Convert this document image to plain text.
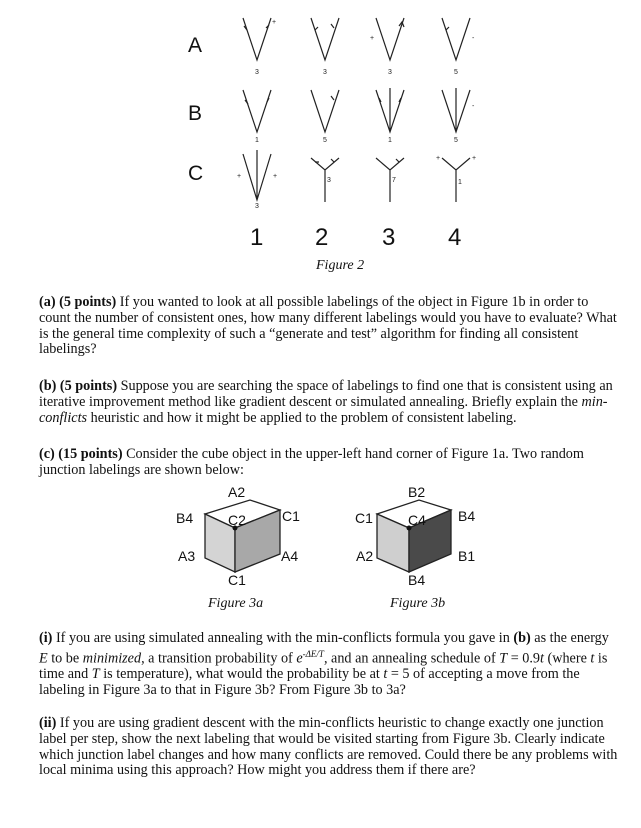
A
B
C
+
3	3
+
3
-
5
1	5	1
-
5
+	+
3
3	7
+	+
1
1 2 3 4
Figure 2
(a) (5 points) If you wanted to look at all possible labelings of the object in Figure 1b in order to count the number of consistent ones, how many different labelings would you have to evaluate? What is the general time complexity of such a “generate and test” algorithm for finding all consistent labelings?
(b) (5 points) Suppose you are searching the space of labelings to find one that is consistent using an iterative improvement method like gradient descent or simulated annealing. Briefly explain the min-conflicts heuristic and how it might be applied to the problem of consistent labeling.
(c) (15 points) Consider the cube object in the upper-left hand corner of Figure 1a. Two random junction labelings are shown below:
A2
B4 C2	C1
A3	A4
C1
Figure 3a
B2
C1	C4 B4
A2	B1
B4
Figure 3b
(i) If you are using simulated annealing with the min-conflicts formula you gave in (b) as the energy E to be minimized, a transition probability of $e^{-\Delta E/T}$, and an annealing schedule of T = 0.9t (where t is time and T is temperature), what would the probability be at t = 5 of accepting a move from the labeling in Figure 3a to that in Figure 3b? From Figure 3b to 3a?
(ii) If you are using gradient descent with the min-conflicts heuristic to change exactly one junction label per step, show the next labeling that would be visited starting from Figure 3b. Clearly indicate which junction label changes and how many conflicts are removed. Could there be any problems with local minima using this approach? How might you address them if there are?
